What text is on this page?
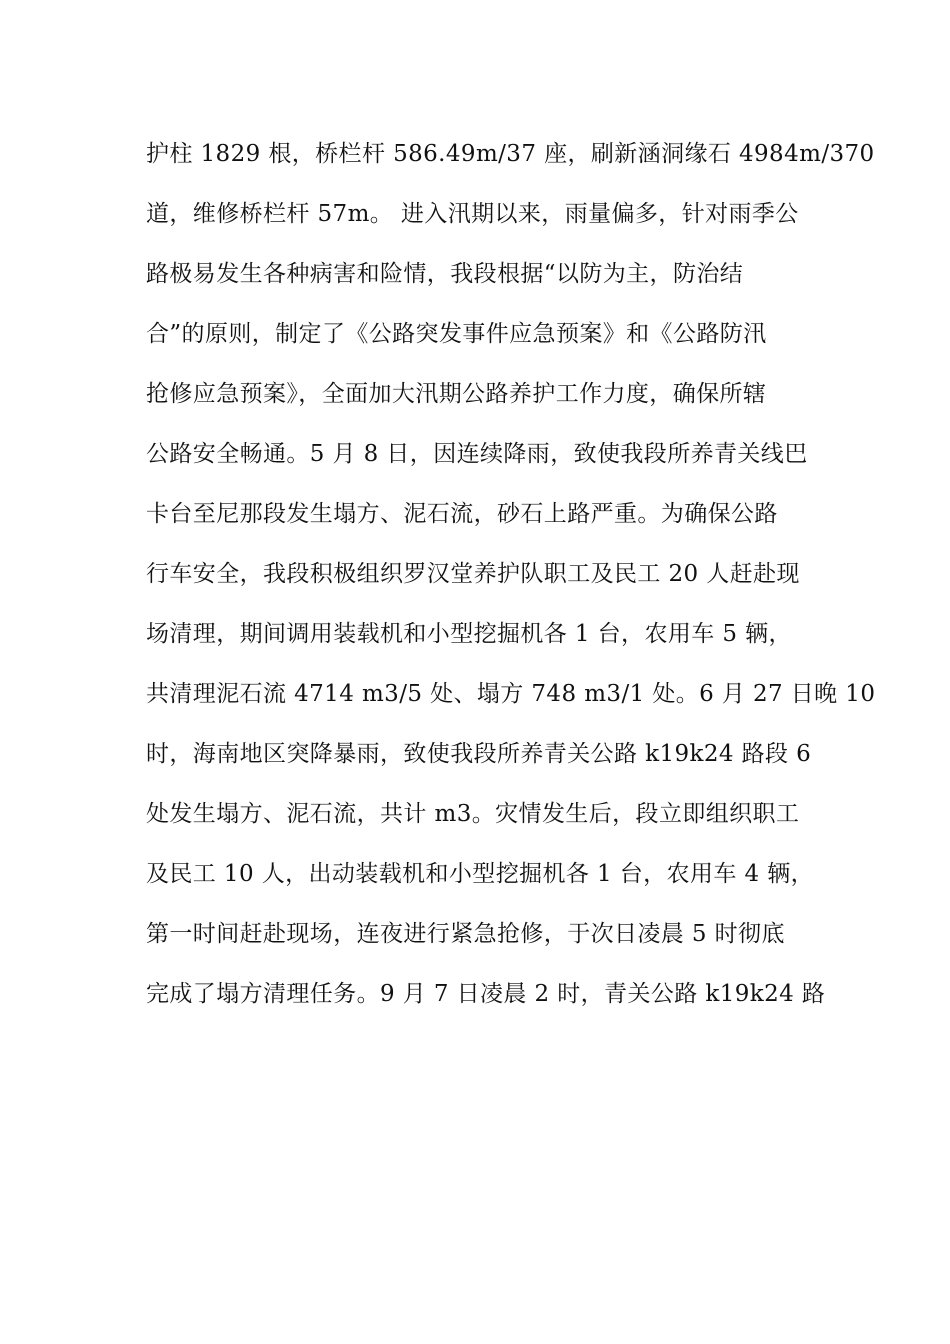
护柱 1829 根，桥栏杆 586.49m/37 座，刷新涵洞缘石 4984m/370
道，维修桥栏杆 57m。 进入汛期以来，雨量偏多，针对雨季公
路极易发生各种病害和险情，我段根据“以防为主，防治结
合”的原则，制定了《公路突发事件应急预案》和《公路防汛
抢修应急预案》，全面加大汛期公路养护工作力度，确保所辖
公路安全畅通。5 月 8 日，因连续降雨，致使我段所养青关线巴
卡台至尼那段发生塌方、泥石流，砂石上路严重。为确保公路
行车安全，我段积极组织罗汉堂养护队职工及民工 20 人赶赴现
场清理，期间调用装载机和小型挖掘机各 1 台，农用车 5 辆，
共清理泥石流 4714 m3/5 处、塌方 748 m3/1 处。6 月 27 日晚 10
时，海南地区突降暴雨，致使我段所养青关公路 k19k24 路段 6
处发生塌方、泥石流，共计 m3。灾情发生后，段立即组织职工
及民工 10 人，出动装载机和小型挖掘机各 1 台，农用车 4 辆，
第一时间赶赴现场，连夜进行紧急抢修，于次日凌晨 5 时彻底
完成了塌方清理任务。9 月 7 日凌晨 2 时，青关公路 k19k24 路
